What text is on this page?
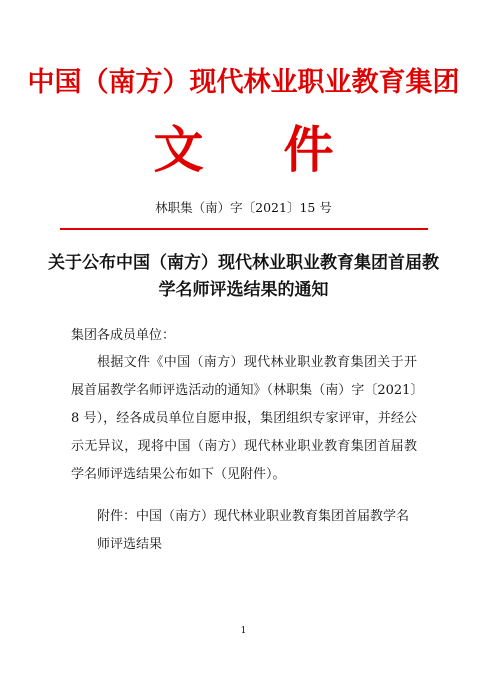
中国（南方）现代林业职业教育集团
文件
林职集（南）字〔2021〕15 号
关于公布中国（南方）现代林业职业教育集团首届教学名师评选结果的通知
集团各成员单位：
根据文件《中国（南方）现代林业职业教育集团关于开展首届教学名师评选活动的通知》（林职集（南）字〔2021〕8 号），经各成员单位自愿申报，集团组织专家评审，并经公示无异议，现将中国（南方）现代林业职业教育集团首届教学名师评选结果公布如下（见附件）。
附件：中国（南方）现代林业职业教育集团首届教学名师评选结果
1
